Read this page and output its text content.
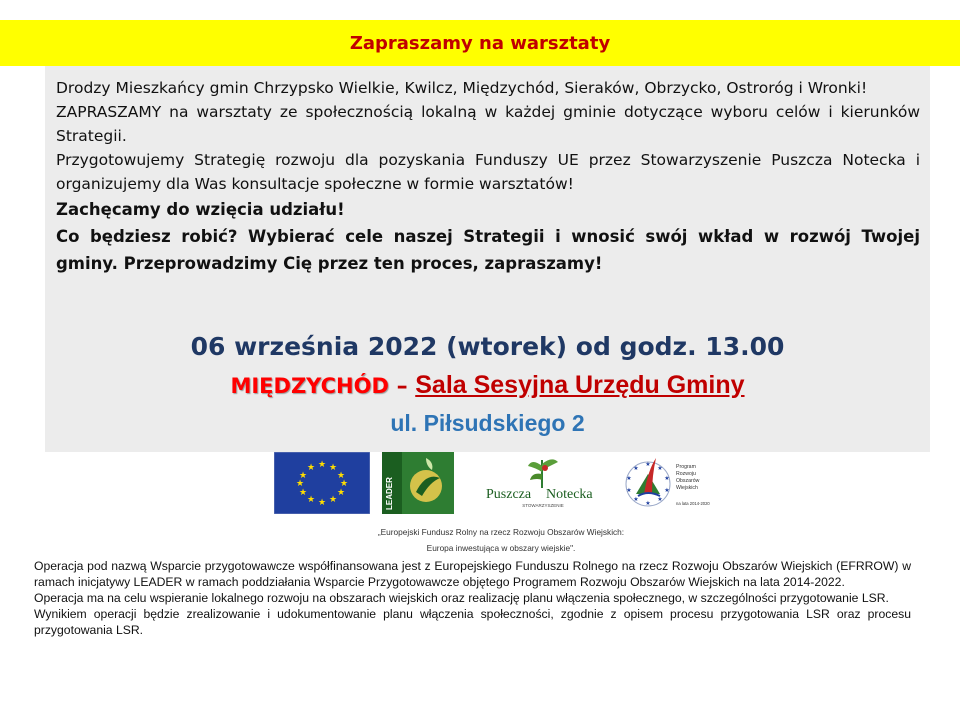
Zapraszamy na warsztaty

Drodzy Mieszkańcy gmin Chrzypsko Wielkie, Kwilcz, Międzychód, Sieraków, Obrzycko, Ostroróg i Wronki!

ZAPRASZAMY na warsztaty ze społecznością lokalną w każdej gminie dotyczące wyboru celów i kierunków Strategii.

Przygotowujemy Strategię rozwoju dla pozyskania Funduszy UE przez Stowarzyszenie Puszcza Notecka i organizujemy dla Was konsultacje społeczne w formie warsztatów!

Zachęcamy do wzięcia udziału!

Co będziesz robić? Wybierać cele naszej Strategii i wnosić swój wkład w rozwój Twojej gminy. Przeprowadzimy Cię przez ten proces, zapraszamy!

06 września 2022 (wtorek) od godz. 13.00
MIĘDZYCHÓD – Sala Sesyjna Urzędu Gminy
ul. Piłsudskiego 2
★ ★
★
★
★
★
★
★
★
★
★
★
LEADER	Puszcza Notecka
STOWARZYSZENIE
★
★
★
★
★
★
★
★
★
★	Program
Rozwoju
Obszarów
Wiejskich
na lata 2014-2020

„Europejski Fundusz Rolny na rzecz Rozwoju Obszarów Wiejskich:

Europa inwestująca w obszary wiejskie".

Operacja pod nazwą Wsparcie przygotowawcze współfinansowana jest z Europejskiego Funduszu Rolnego na rzecz Rozwoju Obszarów Wiejskich (EFRROW) w ramach inicjatywy LEADER w ramach poddziałania Wsparcie Przygotowawcze objętego Programem Rozwoju Obszarów Wiejskich na lata 2014-2022.

Operacja ma na celu wspieranie lokalnego rozwoju na obszarach wiejskich oraz realizację planu włączenia społecznego, w szczególności przygotowanie LSR.

Wynikiem operacji będzie zrealizowanie i udokumentowanie planu włączenia społeczności, zgodnie z opisem procesu przygotowania LSR oraz procesu przygotowania LSR.
